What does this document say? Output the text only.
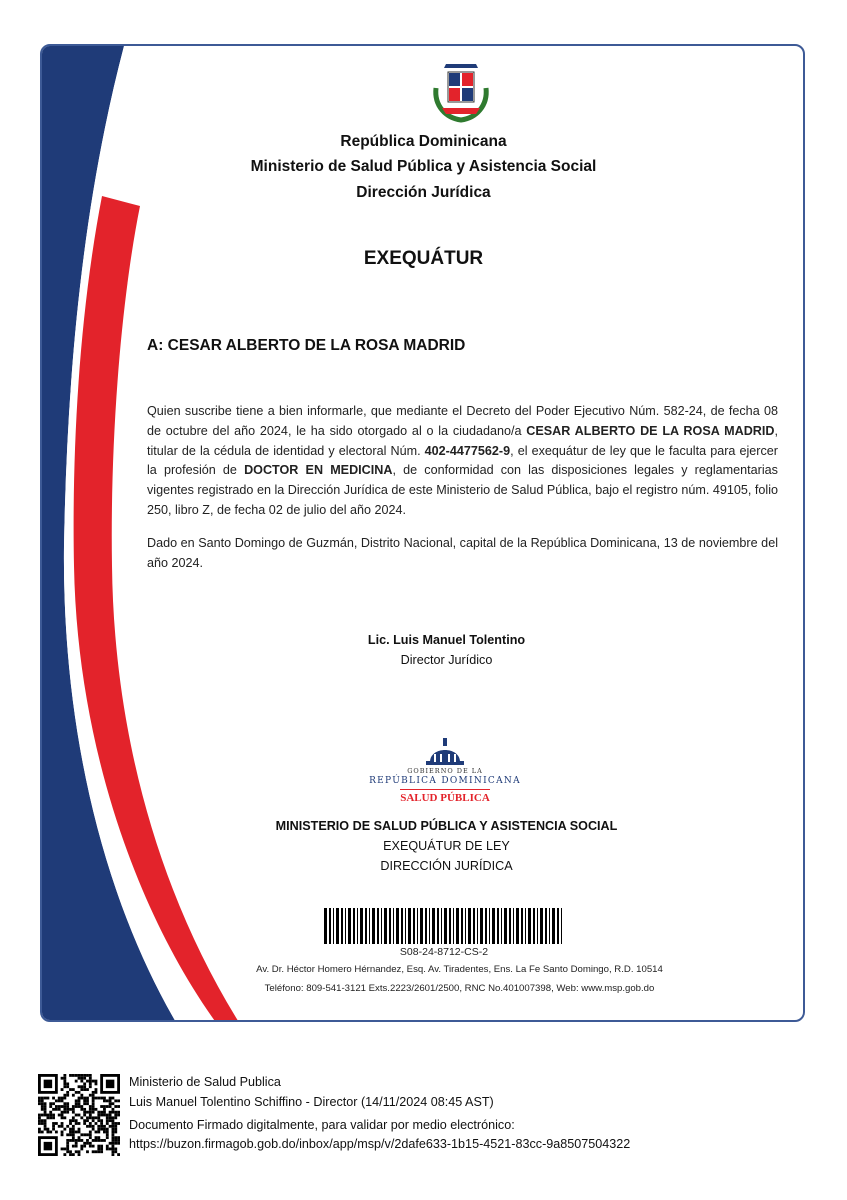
República Dominicana
Ministerio de Salud Pública y Asistencia Social
Dirección Jurídica
EXEQUÁTUR
A: CESAR ALBERTO DE LA ROSA MADRID
Quien suscribe tiene a bien informarle, que mediante el Decreto del Poder Ejecutivo Núm. 582-24, de fecha 08 de octubre del año 2024, le ha sido otorgado al o la ciudadano/a CESAR ALBERTO DE LA ROSA MADRID, titular de la cédula de identidad y electoral Núm. 402-4477562-9, el exequátur de ley que le faculta para ejercer la profesión de DOCTOR EN MEDICINA, de conformidad con las disposiciones legales y reglamentarias vigentes registrado en la Dirección Jurídica de este Ministerio de Salud Pública, bajo el registro núm. 49105, folio 250, libro Z, de fecha 02 de julio del año 2024.
Dado en Santo Domingo de Guzmán, Distrito Nacional, capital de la República Dominicana, 13 de noviembre del año 2024.
Lic. Luis Manuel Tolentino
Director Jurídico
GOBIERNO DE LA
REPÚBLICA DOMINICANA
SALUD PÚBLICA
MINISTERIO DE SALUD PÚBLICA Y ASISTENCIA SOCIAL
EXEQUÁTUR DE LEY
DIRECCIÓN JURÍDICA
S08-24-8712-CS-2
Av. Dr. Héctor Homero Hérnandez, Esq. Av. Tiradentes, Ens. La Fe Santo Domingo, R.D. 10514
Teléfono: 809-541-3121 Exts.2223/2601/2500, RNC No.401007398, Web: www.msp.gob.do
Ministerio de Salud Publica
Luis Manuel Tolentino Schiffino - Director (14/11/2024 08:45 AST)
Documento Firmado digitalmente, para validar por medio electrónico:
https://buzon.firmagob.gob.do/inbox/app/msp/v/2dafe633-1b15-4521-83cc-9a8507504322
